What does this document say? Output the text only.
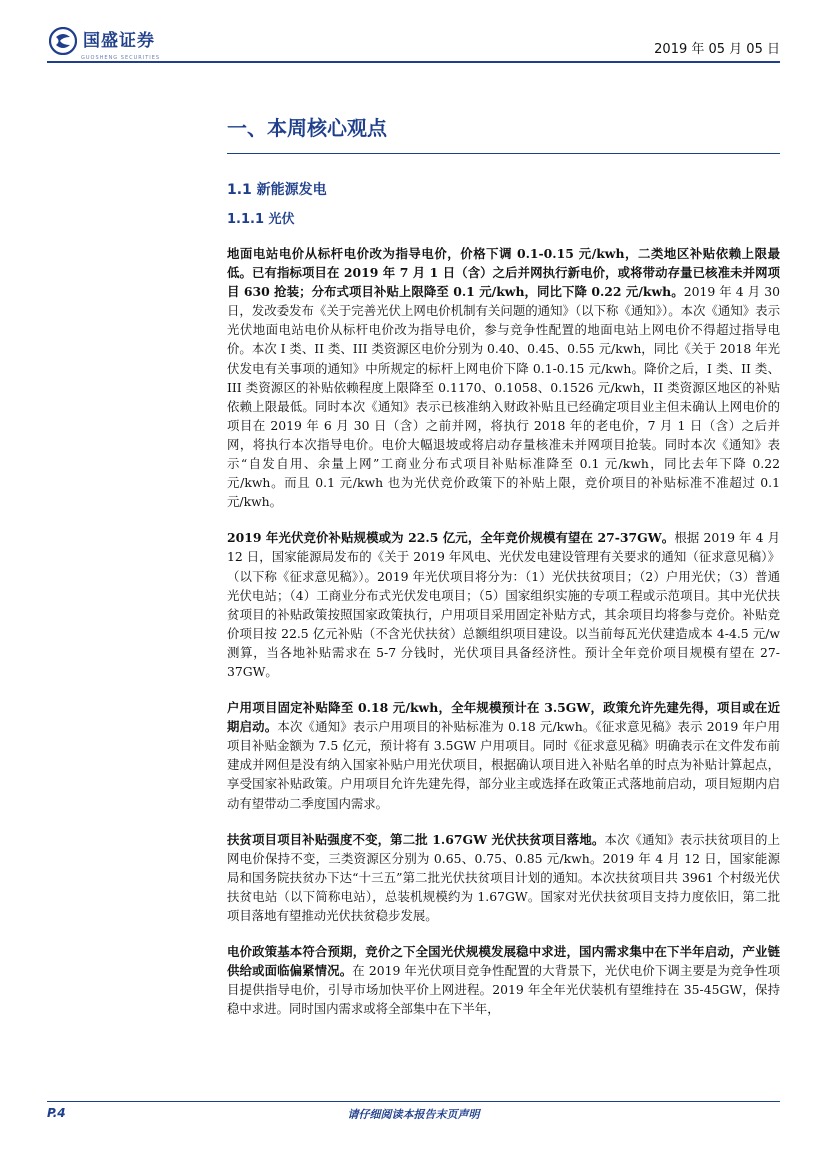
国盛证券
GUOSHENG SECURITIES
2019 年 05 月 05 日
一、本周核心观点
1.1 新能源发电
1.1.1 光伏

地面电站电价从标杆电价改为指导电价，价格下调 0.1-0.15 元/kwh，二类地区补贴依赖上限最低。已有指标项目在 2019 年 7 月 1 日（含）之后并网执行新电价，或将带动存量已核准未并网项目 630 抢装；分布式项目补贴上限降至 0.1 元/kwh，同比下降 0.22 元/kwh。2019 年 4 月 30 日，发改委发布《关于完善光伏上网电价机制有关问题的通知》（以下称《通知》）。本次《通知》表示光伏地面电站电价从标杆电价改为指导电价，参与竞争性配置的地面电站上网电价不得超过指导电价。本次 I 类、II 类、III 类资源区电价分别为 0.40、0.45、0.55 元/kwh，同比《关于 2018 年光伏发电有关事项的通知》中所规定的标杆上网电价下降 0.1-0.15 元/kwh。降价之后，I 类、II 类、III 类资源区的补贴依赖程度上限降至 0.1170、0.1058、0.1526 元/kwh，II 类资源区地区的补贴依赖上限最低。同时本次《通知》表示已核准纳入财政补贴且已经确定项目业主但未确认上网电价的项目在 2019 年 6 月 30 日（含）之前并网，将执行 2018 年的老电价，7 月 1 日（含）之后并网，将执行本次指导电价。电价大幅退坡或将启动存量核准未并网项目抢装。同时本次《通知》表示“自发自用、余量上网”工商业分布式项目补贴标准降至 0.1 元/kwh，同比去年下降 0.22 元/kwh。而且 0.1 元/kwh 也为光伏竞价政策下的补贴上限，竞价项目的补贴标准不准超过 0.1 元/kwh。

2019 年光伏竞价补贴规模或为 22.5 亿元，全年竞价规模有望在 27-37GW。根据 2019 年 4 月 12 日，国家能源局发布的《关于 2019 年风电、光伏发电建设管理有关要求的通知（征求意见稿）》（以下称《征求意见稿》）。2019 年光伏项目将分为：（1）光伏扶贫项目；（2）户用光伏；（3）普通光伏电站；（4）工商业分布式光伏发电项目；（5）国家组织实施的专项工程或示范项目。其中光伏扶贫项目的补贴政策按照国家政策执行，户用项目采用固定补贴方式，其余项目均将参与竞价。补贴竞价项目按 22.5 亿元补贴（不含光伏扶贫）总额组织项目建设。以当前每瓦光伏建造成本 4-4.5 元/w 测算，当各地补贴需求在 5-7 分钱时，光伏项目具备经济性。预计全年竞价项目规模有望在 27-37GW。

户用项目固定补贴降至 0.18 元/kwh，全年规模预计在 3.5GW，政策允许先建先得，项目或在近期启动。本次《通知》表示户用项目的补贴标准为 0.18 元/kwh。《征求意见稿》表示 2019 年户用项目补贴金额为 7.5 亿元，预计将有 3.5GW 户用项目。同时《征求意见稿》明确表示在文件发布前建成并网但是没有纳入国家补贴户用光伏项目，根据确认项目进入补贴名单的时点为补贴计算起点，享受国家补贴政策。户用项目允许先建先得，部分业主或选择在政策正式落地前启动，项目短期内启动有望带动二季度国内需求。

扶贫项目项目补贴强度不变，第二批 1.67GW 光伏扶贫项目落地。本次《通知》表示扶贫项目的上网电价保持不变，三类资源区分别为 0.65、0.75、0.85 元/kwh。2019 年 4 月 12 日，国家能源局和国务院扶贫办下达“十三五”第二批光伏扶贫项目计划的通知。本次扶贫项目共 3961 个村级光伏扶贫电站（以下简称电站），总装机规模约为 1.67GW。国家对光伏扶贫项目支持力度依旧，第二批项目落地有望推动光伏扶贫稳步发展。

电价政策基本符合预期，竞价之下全国光伏规模发展稳中求进，国内需求集中在下半年启动，产业链供给或面临偏紧情况。在 2019 年光伏项目竞争性配置的大背景下，光伏电价下调主要是为竞争性项目提供指导电价，引导市场加快平价上网进程。2019 年全年光伏装机有望维持在 35-45GW，保持稳中求进。同时国内需求或将全部集中在下半年，

P.4	请仔细阅读本报告末页声明
